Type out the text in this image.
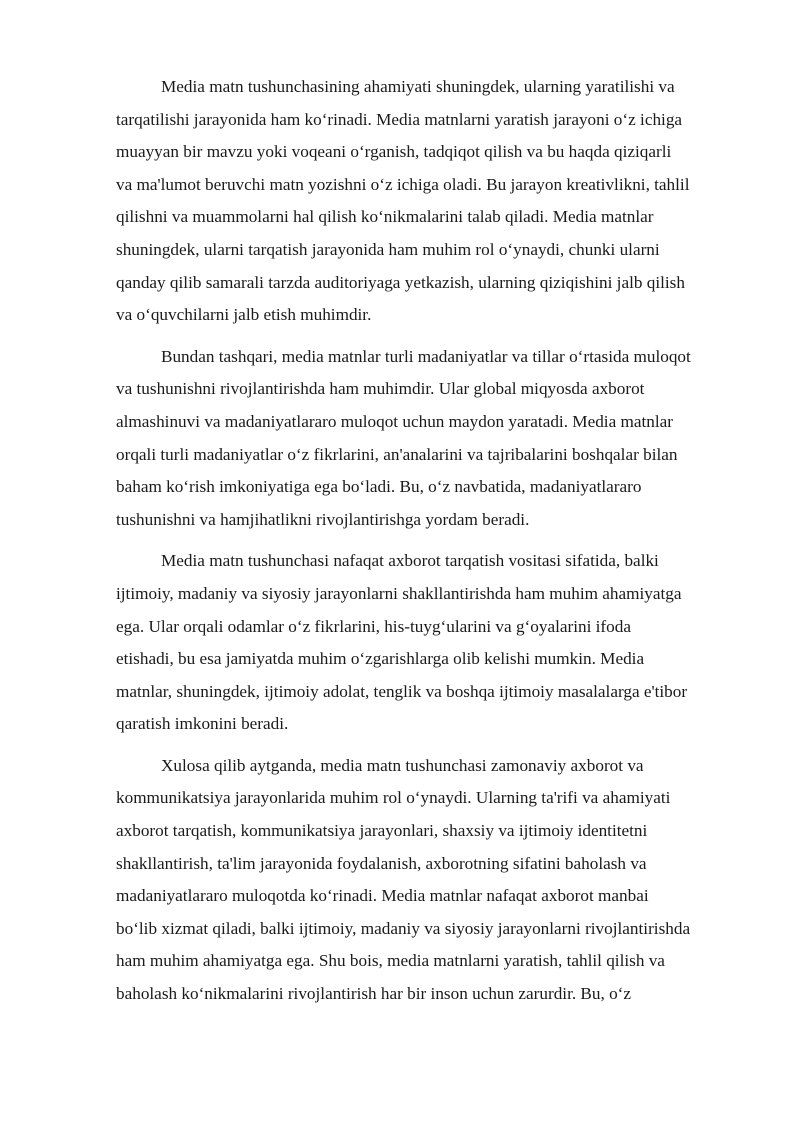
Media matn tushunchasining ahamiyati shuningdek, ularning yaratilishi va
tarqatilishi jarayonida ham koʻrinadi. Media matnlarni yaratish jarayoni oʻz ichiga
muayyan bir mavzu yoki voqeani oʻrganish, tadqiqot qilish va bu haqda qiziqarli
va ma'lumot beruvchi matn yozishni oʻz ichiga oladi. Bu jarayon kreativlikni, tahlil
qilishni va muammolarni hal qilish koʻnikmalarini talab qiladi. Media matnlar
shuningdek, ularni tarqatish jarayonida ham muhim rol oʻynaydi, chunki ularni
qanday qilib samarali tarzda auditoriyaga yetkazish, ularning qiziqishini jalb qilish
va oʻquvchilarni jalb etish muhimdir.

Bundan tashqari, media matnlar turli madaniyatlar va tillar oʻrtasida muloqot
va tushunishni rivojlantirishda ham muhimdir. Ular global miqyosda axborot
almashinuvi va madaniyatlararo muloqot uchun maydon yaratadi. Media matnlar
orqali turli madaniyatlar oʻz fikrlarini, an'analarini va tajribalarini boshqalar bilan
baham koʻrish imkoniyatiga ega boʻladi. Bu, oʻz navbatida, madaniyatlararo
tushunishni va hamjihatlikni rivojlantirishga yordam beradi.

Media matn tushunchasi nafaqat axborot tarqatish vositasi sifatida, balki
ijtimoiy, madaniy va siyosiy jarayonlarni shakllantirishda ham muhim ahamiyatga
ega. Ular orqali odamlar oʻz fikrlarini, his-tuygʻularini va gʻoyalarini ifoda
etishadi, bu esa jamiyatda muhim oʻzgarishlarga olib kelishi mumkin. Media
matnlar, shuningdek, ijtimoiy adolat, tenglik va boshqa ijtimoiy masalalarga e'tibor
qaratish imkonini beradi.

Xulosa qilib aytganda, media matn tushunchasi zamonaviy axborot va
kommunikatsiya jarayonlarida muhim rol oʻynaydi. Ularning ta'rifi va ahamiyati
axborot tarqatish, kommunikatsiya jarayonlari, shaxsiy va ijtimoiy identitetni
shakllantirish, ta'lim jarayonida foydalanish, axborotning sifatini baholash va
madaniyatlararo muloqotda koʻrinadi. Media matnlar nafaqat axborot manbai
boʻlib xizmat qiladi, balki ijtimoiy, madaniy va siyosiy jarayonlarni rivojlantirishda
ham muhim ahamiyatga ega. Shu bois, media matnlarni yaratish, tahlil qilish va
baholash koʻnikmalarini rivojlantirish har bir inson uchun zarurdir. Bu, oʻz
